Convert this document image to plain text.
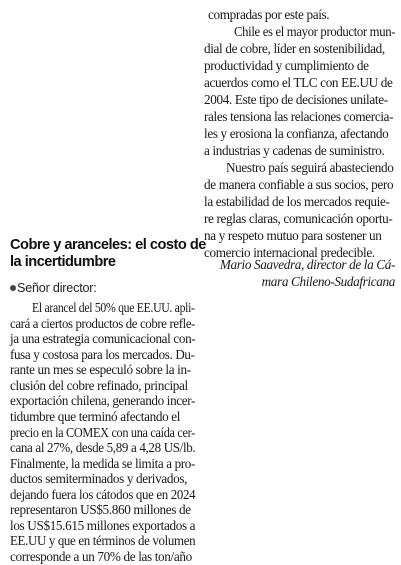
compradas por este país.
Chile es el mayor productor mun-
dial de cobre, líder en sostenibilidad,
productividad y cumplimiento de
acuerdos como el TLC con EE.UU de
2004. Este tipo de decisiones unilate-
rales tensiona las relaciones comercia-
les y erosiona la confianza, afectando
a industrias y cadenas de suministro.
Nuestro país seguirá abasteciendo
de manera confiable a sus socios, pero
la estabilidad de los mercados requie-
re reglas claras, comunicación oportu-
na y respeto mutuo para sostener un
comercio internacional predecible.
Mario Saavedra, director de la Cá-
mara Chileno-Sudafricana
Cobre y aranceles: el costo de
la incertidumbre
Señor director:
El arancel del 50% que EE.UU. apli-
cará a ciertos productos de cobre refle-
ja una estrategia comunicacional con-
fusa y costosa para los mercados. Du-
rante un mes se especuló sobre la in-
clusión del cobre refinado, principal
exportación chilena, generando incer-
tidumbre que terminó afectando el
precio en la COMEX con una caída cer-
cana al 27%, desde 5,89 a 4,28 US/lb.
Finalmente, la medida se limita a pro-
ductos semiterminados y derivados,
dejando fuera los cátodos que en 2024
representaron US$5.860 millones de
los US$15.615 millones exportados a
EE.UU y que en términos de volumen
corresponde a un 70% de las ton/año
